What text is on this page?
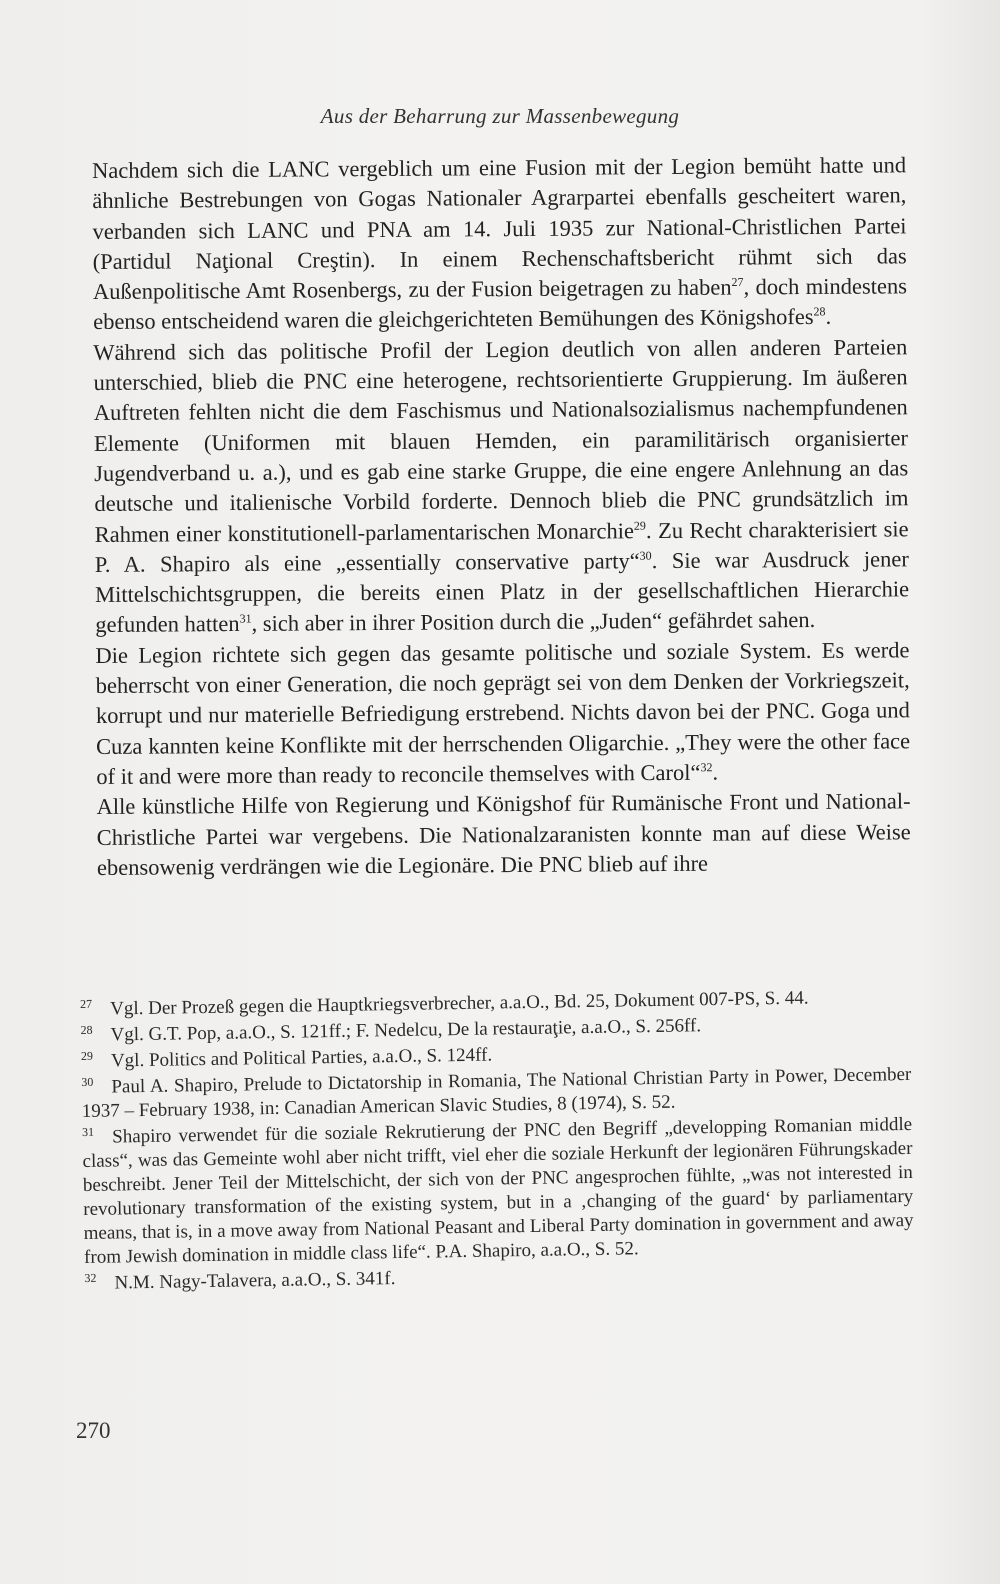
Aus der Beharrung zur Massenbewegung

Nachdem sich die LANC vergeblich um eine Fusion mit der Legion bemüht hatte und ähnliche Bestrebungen von Gogas Nationaler Agrarpartei ebenfalls gescheitert waren, verbanden sich LANC und PNA am 14. Juli 1935 zur National-Christlichen Partei (Partidul Naţional Creştin). In einem Rechenschaftsbericht rühmt sich das Außenpolitische Amt Rosenbergs, zu der Fusion beigetragen zu haben$^{27}$, doch mindestens ebenso entscheidend waren die gleichgerichteten Bemühungen des Königshofes$^{28}$.

Während sich das politische Profil der Legion deutlich von allen anderen Parteien unterschied, blieb die PNC eine heterogene, rechtsorientierte Gruppierung. Im äußeren Auftreten fehlten nicht die dem Faschismus und Nationalsozialismus nachempfundenen Elemente (Uniformen mit blauen Hemden, ein paramilitärisch organisierter Jugendverband u. a.), und es gab eine starke Gruppe, die eine engere Anlehnung an das deutsche und italienische Vorbild forderte. Dennoch blieb die PNC grundsätzlich im Rahmen einer konstitutionell-parlamentarischen Monarchie$^{29}$. Zu Recht charakterisiert sie P. A. Shapiro als eine „essentially conservative party“$^{30}$. Sie war Ausdruck jener Mittelschichtsgruppen, die bereits einen Platz in der gesellschaftlichen Hierarchie gefunden hatten$^{31}$, sich aber in ihrer Position durch die „Juden“ gefährdet sahen.

Die Legion richtete sich gegen das gesamte politische und soziale System. Es werde beherrscht von einer Generation, die noch geprägt sei von dem Denken der Vorkriegszeit, korrupt und nur materielle Befriedigung erstrebend. Nichts davon bei der PNC. Goga und Cuza kannten keine Konflikte mit der herrschenden Oligarchie. „They were the other face of it and were more than ready to reconcile themselves with Carol“$^{32}$.

Alle künstliche Hilfe von Regierung und Königshof für Rumänische Front und National-Christliche Partei war vergebens. Die Nationalzaranisten konnte man auf diese Weise ebensowenig verdrängen wie die Legionäre. Die PNC blieb auf ihre

$^{27}$ Vgl. Der Prozeß gegen die Hauptkriegsverbrecher, a.a.O., Bd. 25, Dokument 007-PS, S. 44.
$^{28}$ Vgl. G.T. Pop, a.a.O., S. 121ff.; F. Nedelcu, De la restauraţie, a.a.O., S. 256ff.
$^{29}$ Vgl. Politics and Political Parties, a.a.O., S. 124ff.
$^{30}$ Paul A. Shapiro, Prelude to Dictatorship in Romania, The National Christian Party in Power, December 1937 – February 1938, in: Canadian American Slavic Studies, 8 (1974), S. 52.
$^{31}$ Shapiro verwendet für die soziale Rekrutierung der PNC den Begriff „developping Romanian middle class“, was das Gemeinte wohl aber nicht trifft, viel eher die soziale Herkunft der legionären Führungskader beschreibt. Jener Teil der Mittelschicht, der sich von der PNC angesprochen fühlte, „was not interested in revolutionary transformation of the existing system, but in a ‚changing of the guard‘ by parliamentary means, that is, in a move away from National Peasant and Liberal Party domination in government and away from Jewish domination in middle class life“. P.A. Shapiro, a.a.O., S. 52.
$^{32}$ N.M. Nagy-Talavera, a.a.O., S. 341f.
270
